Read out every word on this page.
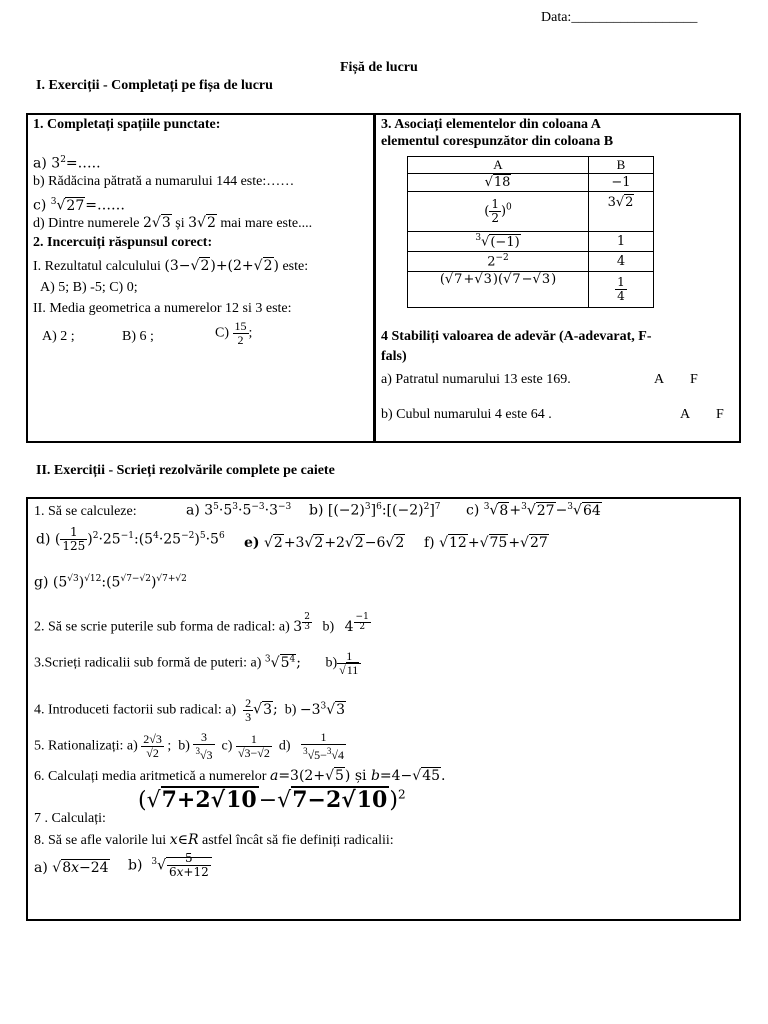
Data:__________________
Fișă de lucru
I. Exerciții - Completați pe fișa de lucru
1. Completați spațiile punctate:
a) $3^2=\dots$..
b) Rădăcina pătrată a numarului 144 este:……
c) $^3$√27=……
d) Dintre numerele 2√3 și 3√2 mai mare este....
2. Incercuiți răspunsul corect:
I. Rezultatul calculului (3−√2)+(2+√2) este:
A) 5; B) -5; C) 0;
II. Media geometrica a numerelor 12 si 3 este:
A) 2 ;	B) 6 ;	$C) \frac{15}{2}$ ;
3. Asociați elementelor din coloana A
elementul corespunzător din coloana B
A	B
√18	−1
( $\frac{1}{2} )^0$	3√2
$^3$√(−1)	1
$2^{-2}$	4
(√7+√3)(√7−√3)	$\frac{1}{4}$
4 Stabiliți valoarea de adevăr (A-adevarat, F-
fals)
a) Patratul numarului 13 este 169.	A F
b) Cubul numarului 4 este 64 .	A F
II. Exerciții - Scrieți rezolvările complete pe caiete
1. Să se calculeze:	a) $3^5\cdot 5^3\cdot 5^{-3}\cdot 3^{-3}$ b) $[(-2)^3]^6:[(-2)^2]^7$ c) $^3$√8+$^3$√27−$^3$√64
d) ( $\frac{1}{125}$ )$^2\cdot 25^{-1}:(5^4\cdot 25^{-2})^5\cdot 5^6$ e) √2+3√2+2√2−6√2 f) √12+√75+√27
g) $(5^{√3})^{√12}:(5^{√7-√2})^{√7+√2}$
2. Să se scrie puterile sub forma de radical: a) 3 $^{\frac{2}{3}}$ b) 4 $^{\frac{-1}{2}}$
3.Scrieți radicalii sub formă de puteri: a) $^3√5^4$; $b) \frac{1}{√11}$
4. Introduceti factorii sub radical: $a) \frac{2}{3} √3$; $b) -3^3√3$
5. Rationalizați: $a) \frac{2√3}{√2}$ ;  $b) \frac{3}{^3√3} c) \frac{1}{√3-√2} d) \frac{1}{^3√5-^3√4}$
6. Calculați media aritmetică a numerelor a=3(2+√5) și b=4−√45.
7 . Calculați:
$(√7+2√10-√7-2√10)^2$
8. Să se afle valorile lui x∈R astfel încât să fie definiți radicalii:
a) √8x−24 b) $^3√ \frac{5}{6x+12}$
